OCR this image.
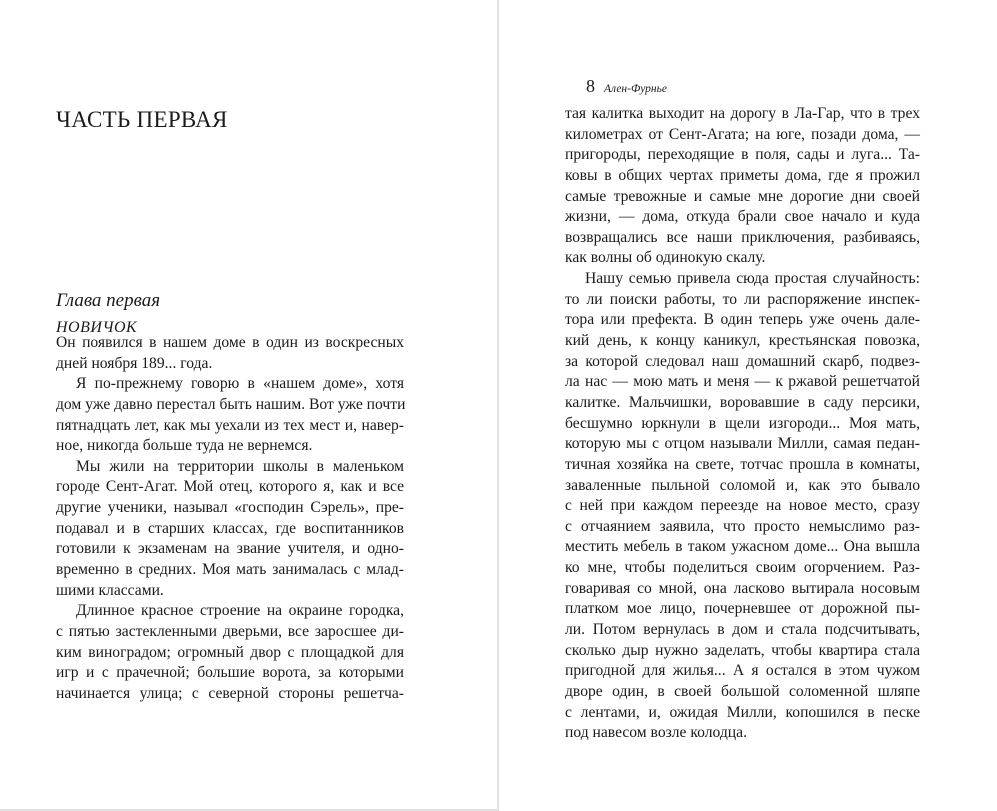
ЧАСТЬ ПЕРВАЯ
Глава первая
НОВИЧОК
Он появился в нашем доме в один из воскресных
дней ноября 189... года.
Я по-прежнему говорю в «нашем доме», хотя
дом уже давно перестал быть нашим. Вот уже почти
пятнадцать лет, как мы уехали из тех мест и, навер-
ное, никогда больше туда не вернемся.
Мы жили на территории школы в маленьком
городе Сент-Агат. Мой отец, которого я, как и все
другие ученики, называл «господин Сэрель», пре-
подавал и в старших классах, где воспитанников
готовили к экзаменам на звание учителя, и одно-
временно в средних. Моя мать занималась с млад-
шими классами.
Длинное красное строение на окраине городка,
с пятью застекленными дверьми, все заросшее ди-
ким виноградом; огромный двор с площадкой для
игр и с прачечной; большие ворота, за которыми
начинается улица; с северной стороны решетча-
8 Ален-Фурнье
тая калитка выходит на дорогу в Ла-Гар, что в трех
километрах от Сент-Агата; на юге, позади дома, —
пригороды, переходящие в поля, сады и луга... Та-
ковы в общих чертах приметы дома, где я прожил
самые тревожные и самые мне дорогие дни своей
жизни, — дома, откуда брали свое начало и куда
возвращались все наши приключения, разбиваясь,
как волны об одинокую скалу.
Нашу семью привела сюда простая случайность:
то ли поиски работы, то ли распоряжение инспек-
тора или префекта. В один теперь уже очень дале-
кий день, к концу каникул, крестьянская повозка,
за которой следовал наш домашний скарб, подвез-
ла нас — мою мать и меня — к ржавой решетчатой
калитке. Мальчишки, воровавшие в саду персики,
бесшумно юркнули в щели изгороди... Моя мать,
которую мы с отцом называли Милли, самая педан-
тичная хозяйка на свете, тотчас прошла в комнаты,
заваленные пыльной соломой и, как это бывало
с ней при каждом переезде на новое место, сразу
с отчаянием заявила, что просто немыслимо раз-
местить мебель в таком ужасном доме... Она вышла
ко мне, чтобы поделиться своим огорчением. Раз-
говаривая со мной, она ласково вытирала носовым
платком мое лицо, почерневшее от дорожной пы-
ли. Потом вернулась в дом и стала подсчитывать,
сколько дыр нужно заделать, чтобы квартира стала
пригодной для жилья... А я остался в этом чужом
дворе один, в своей большой соломенной шляпе
с лентами, и, ожидая Милли, копошился в песке
под навесом возле колодца.
